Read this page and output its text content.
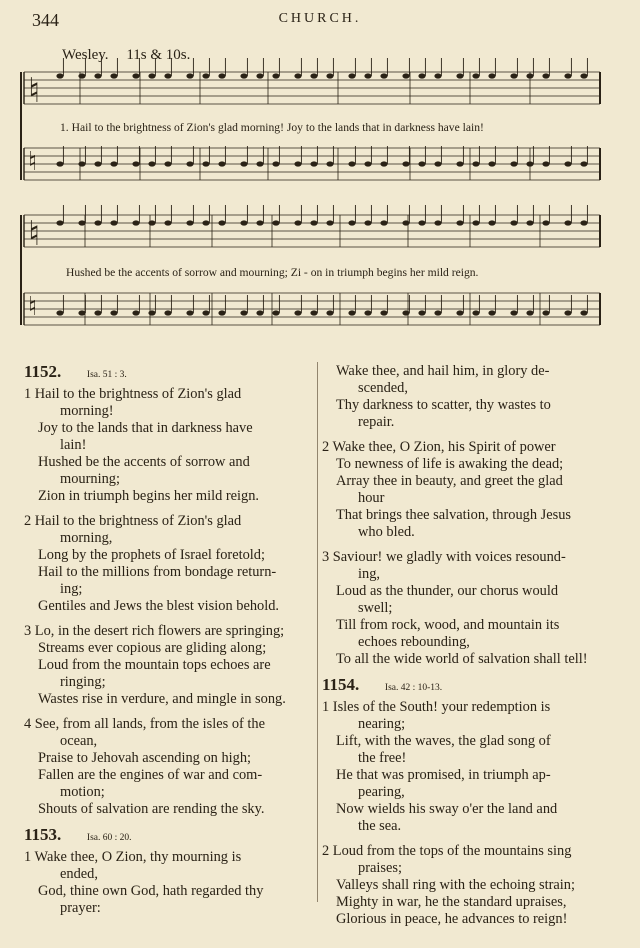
344	CHURCH.
Wesley. 11s & 10s.
♮
♮
♮
♮
1. Hail to the brightness of Zion's glad morning! Joy to the lands that in darkness have lain!
Hushed be the accents of sorrow and mourning; Zi - on in triumph begins her mild reign.
1152.	Isa. 51 : 3.
1 Hail to the brightness of Zion's glad
morning!
Joy to the lands that in darkness have
lain!
Hushed be the accents of sorrow and
mourning;
Zion in triumph begins her mild reign.
2 Hail to the brightness of Zion's glad
morning,
Long by the prophets of Israel foretold;
Hail to the millions from bondage return-
ing;
Gentiles and Jews the blest vision behold.
3 Lo, in the desert rich flowers are springing;
Streams ever copious are gliding along;
Loud from the mountain tops echoes are
ringing;
Wastes rise in verdure, and mingle in song.
4 See, from all lands, from the isles of the
ocean,
Praise to Jehovah ascending on high;
Fallen are the engines of war and com-
motion;
Shouts of salvation are rending the sky.
1153.	Isa. 60 : 20.
1 Wake thee, O Zion, thy mourning is
ended,
God, thine own God, hath regarded thy
prayer:
Wake thee, and hail him, in glory de-
scended,
Thy darkness to scatter, thy wastes to
repair.
2 Wake thee, O Zion, his Spirit of power
To newness of life is awaking the dead;
Array thee in beauty, and greet the glad
hour
That brings thee salvation, through Jesus
who bled.
3 Saviour! we gladly with voices resound-
ing,
Loud as the thunder, our chorus would
swell;
Till from rock, wood, and mountain its
echoes rebounding,
To all the wide world of salvation shall tell!
1154.	Isa. 42 : 10-13.
1 Isles of the South! your redemption is
nearing;
Lift, with the waves, the glad song of
the free!
He that was promised, in triumph ap-
pearing,
Now wields his sway o'er the land and
the sea.
2 Loud from the tops of the mountains sing
praises;
Valleys shall ring with the echoing strain;
Mighty in war, he the standard upraises,
Glorious in peace, he advances to reign!
